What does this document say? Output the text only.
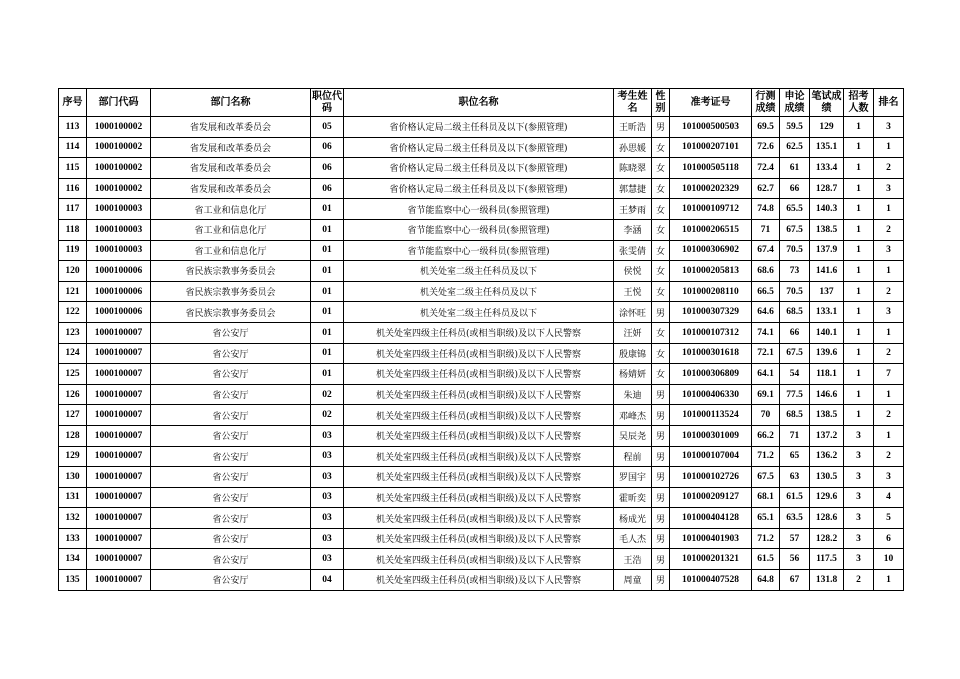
序号	部门代码	部门名称	职位代码	职位名称	考生姓名	性别	准考证号	行测成绩	申论成绩	笔试成绩	招考人数	排名
113	1000100002	省发展和改革委员会	05	省价格认定局二级主任科员及以下(参照管理)	王昕浩	男	101000500503	69.5	59.5	129	1	3
114	1000100002	省发展和改革委员会	06	省价格认定局二级主任科员及以下(参照管理)	孙思媛	女	101000207101	72.6	62.5	135.1	1	1
115	1000100002	省发展和改革委员会	06	省价格认定局二级主任科员及以下(参照管理)	陈晓翠	女	101000505118	72.4	61	133.4	1	2
116	1000100002	省发展和改革委员会	06	省价格认定局二级主任科员及以下(参照管理)	郭慧捷	女	101000202329	62.7	66	128.7	1	3
117	1000100003	省工业和信息化厅	01	省节能监察中心一级科员(参照管理)	王梦雨	女	101000109712	74.8	65.5	140.3	1	1
118	1000100003	省工业和信息化厅	01	省节能监察中心一级科员(参照管理)	李涵	女	101000206515	71	67.5	138.5	1	2
119	1000100003	省工业和信息化厅	01	省节能监察中心一级科员(参照管理)	张雯倩	女	101000306902	67.4	70.5	137.9	1	3
120	1000100006	省民族宗教事务委员会	01	机关处室二级主任科员及以下	侯悦	女	101000205813	68.6	73	141.6	1	1
121	1000100006	省民族宗教事务委员会	01	机关处室二级主任科员及以下	王悦	女	101000208110	66.5	70.5	137	1	2
122	1000100006	省民族宗教事务委员会	01	机关处室二级主任科员及以下	涂怀旺	男	101000307329	64.6	68.5	133.1	1	3
123	1000100007	省公安厅	01	机关处室四级主任科员(或相当职级)及以下人民警察	汪妍	女	101000107312	74.1	66	140.1	1	1
124	1000100007	省公安厅	01	机关处室四级主任科员(或相当职级)及以下人民警察	殷康锦	女	101000301618	72.1	67.5	139.6	1	2
125	1000100007	省公安厅	01	机关处室四级主任科员(或相当职级)及以下人民警察	杨婧妍	女	101000306809	64.1	54	118.1	1	7
126	1000100007	省公安厅	02	机关处室四级主任科员(或相当职级)及以下人民警察	朱迪	男	101000406330	69.1	77.5	146.6	1	1
127	1000100007	省公安厅	02	机关处室四级主任科员(或相当职级)及以下人民警察	邓峰杰	男	101000113524	70	68.5	138.5	1	2
128	1000100007	省公安厅	03	机关处室四级主任科员(或相当职级)及以下人民警察	吴辰尧	男	101000301009	66.2	71	137.2	3	1
129	1000100007	省公安厅	03	机关处室四级主任科员(或相当职级)及以下人民警察	程前	男	101000107004	71.2	65	136.2	3	2
130	1000100007	省公安厅	03	机关处室四级主任科员(或相当职级)及以下人民警察	罗国宇	男	101000102726	67.5	63	130.5	3	3
131	1000100007	省公安厅	03	机关处室四级主任科员(或相当职级)及以下人民警察	霍昕奕	男	101000209127	68.1	61.5	129.6	3	4
132	1000100007	省公安厅	03	机关处室四级主任科员(或相当职级)及以下人民警察	杨成光	男	101000404128	65.1	63.5	128.6	3	5
133	1000100007	省公安厅	03	机关处室四级主任科员(或相当职级)及以下人民警察	毛人杰	男	101000401903	71.2	57	128.2	3	6
134	1000100007	省公安厅	03	机关处室四级主任科员(或相当职级)及以下人民警察	王浩	男	101000201321	61.5	56	117.5	3	10
135	1000100007	省公安厅	04	机关处室四级主任科员(或相当职级)及以下人民警察	周童	男	101000407528	64.8	67	131.8	2	1
